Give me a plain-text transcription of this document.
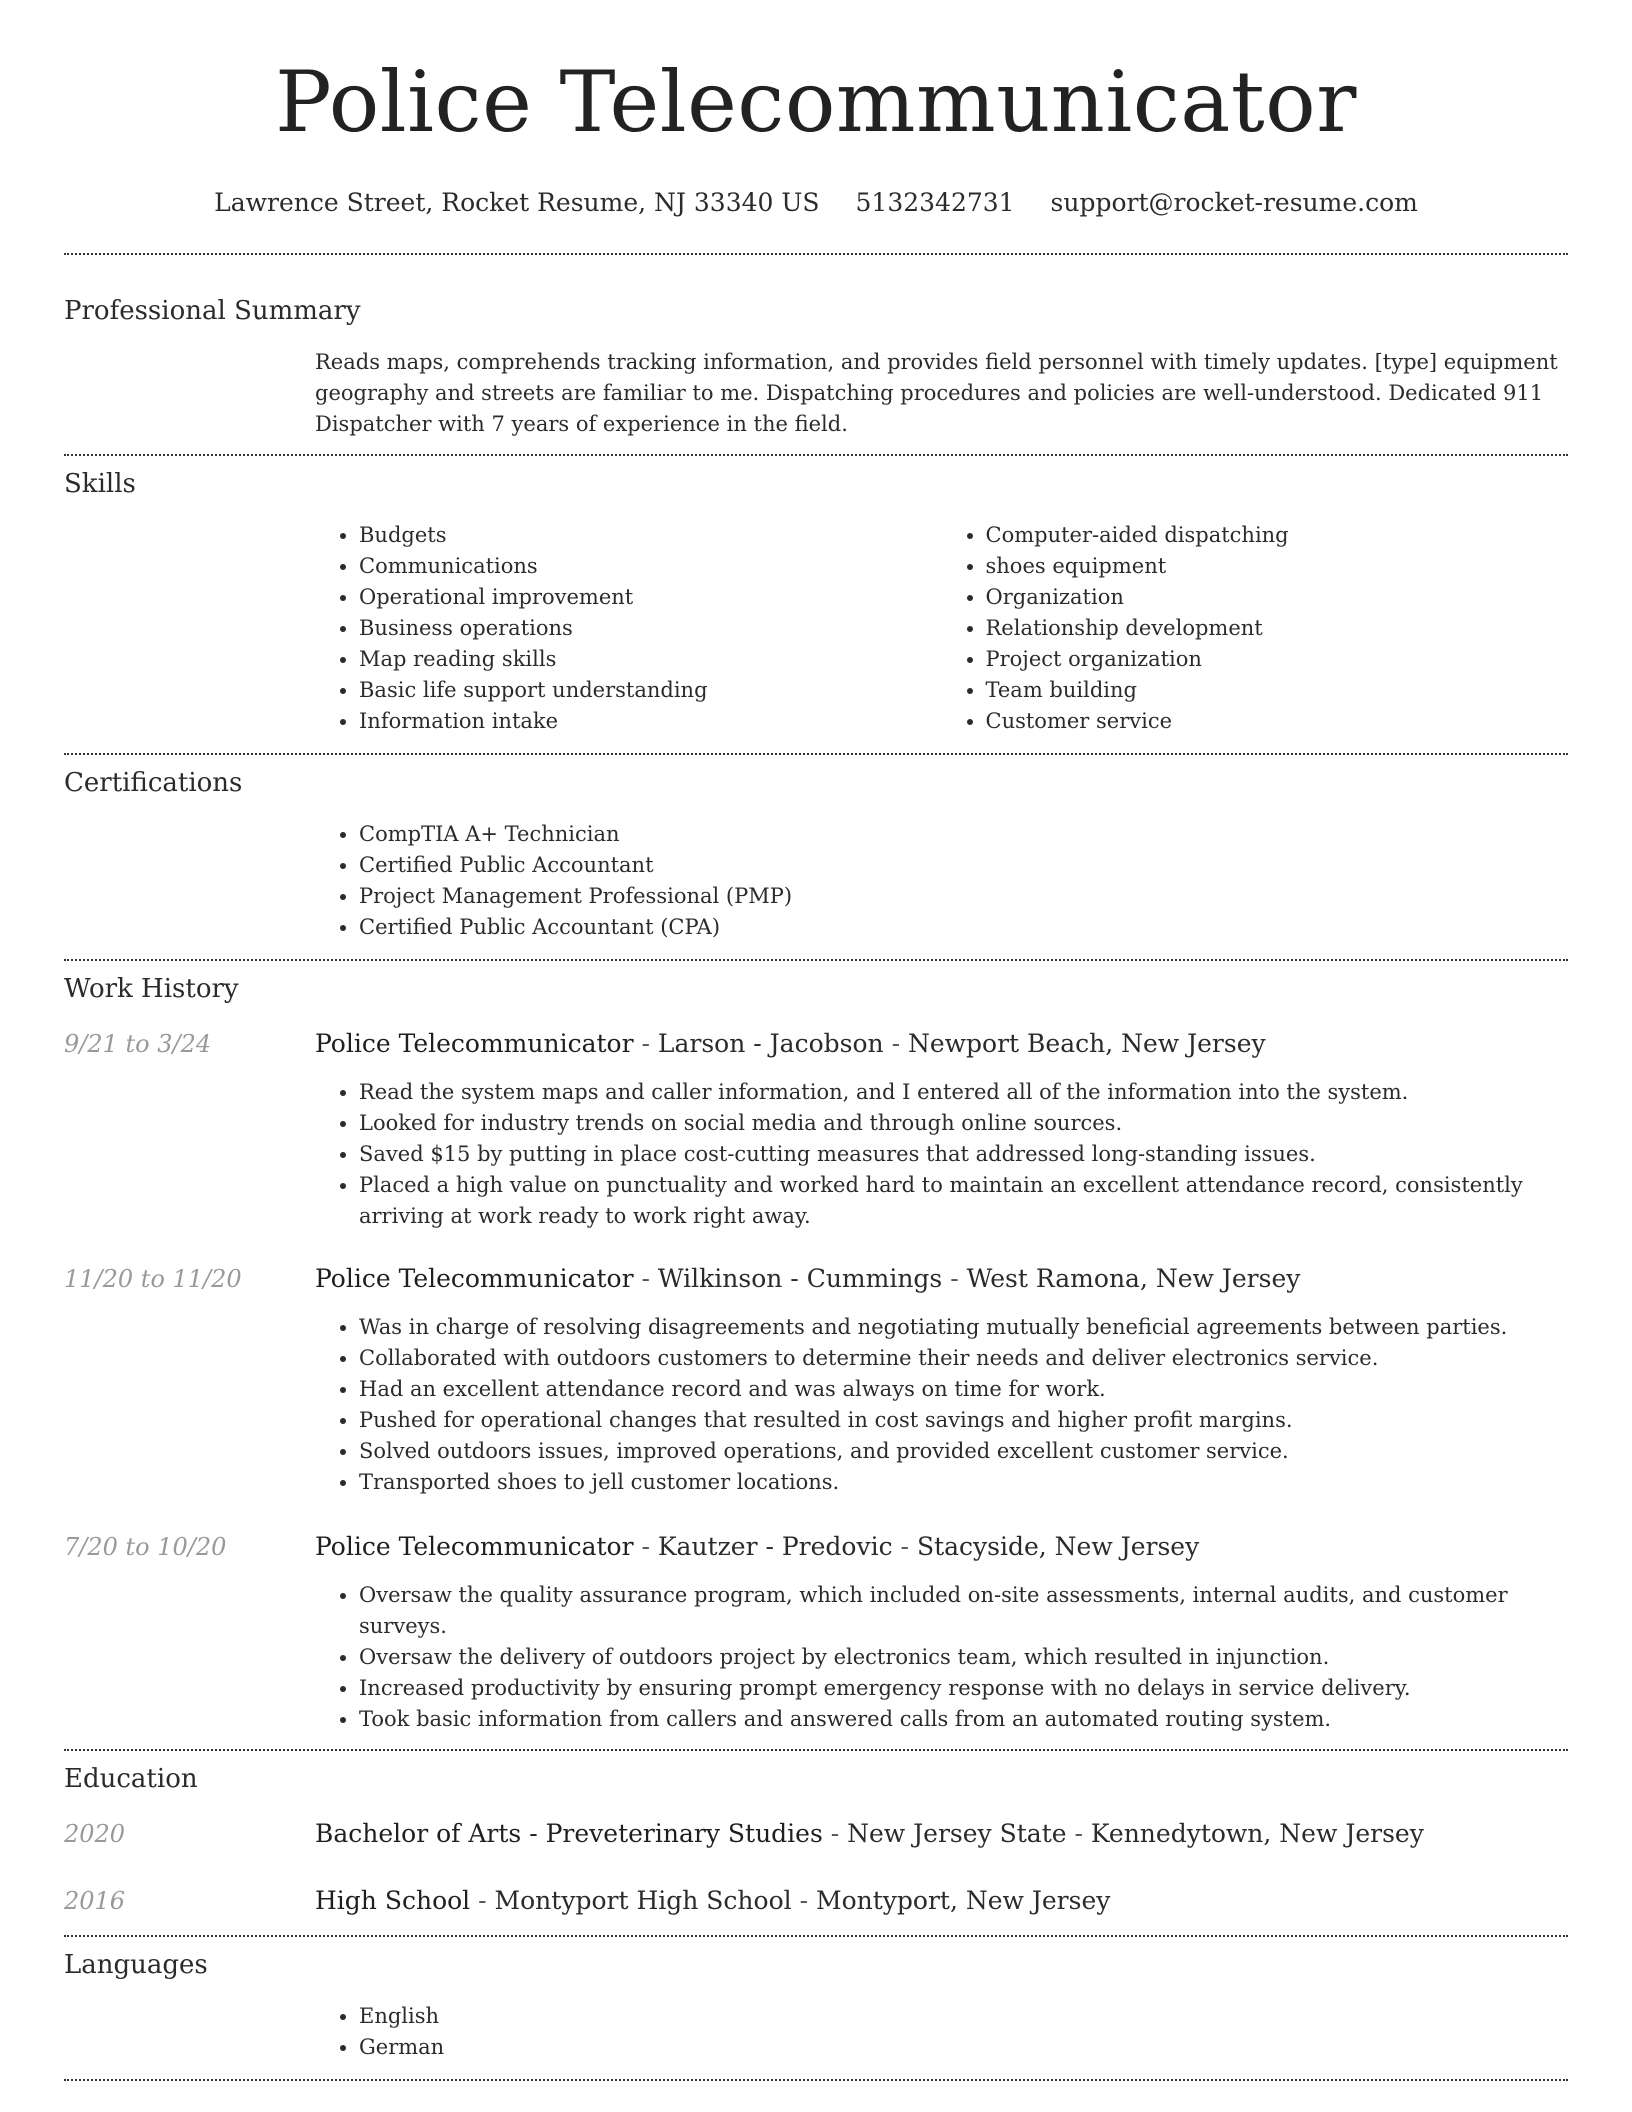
Police Telecommunicator
Lawrence Street, Rocket Resume, NJ 33340 US 5132342731 support@rocket-resume.com
Professional Summary
Reads maps, comprehends tracking information, and provides field personnel with timely updates. [type] equipment geography and streets are familiar to me. Dispatching procedures and policies are well-understood. Dedicated 911 Dispatcher with 7 years of experience in the field.
Skills
• Budgets
• Communications
• Operational improvement
• Business operations
• Map reading skills
• Basic life support understanding
• Information intake
• Computer-aided dispatching
• shoes equipment
• Organization
• Relationship development
• Project organization
• Team building
• Customer service
Certifications
• CompTIA A+ Technician
• Certified Public Accountant
• Project Management Professional (PMP)
• Certified Public Accountant (CPA)
Work History
9/21 to 3/24	Police Telecommunicator - Larson - Jacobson - Newport Beach, New Jersey
• Read the system maps and caller information, and I entered all of the information into the system.
• Looked for industry trends on social media and through online sources.
• Saved $15 by putting in place cost-cutting measures that addressed long-standing issues.
• Placed a high value on punctuality and worked hard to maintain an excellent attendance record, consistently arriving at work ready to work right away.
11/20 to 11/20	Police Telecommunicator - Wilkinson - Cummings - West Ramona, New Jersey
• Was in charge of resolving disagreements and negotiating mutually beneficial agreements between parties.
• Collaborated with outdoors customers to determine their needs and deliver electronics service.
• Had an excellent attendance record and was always on time for work.
• Pushed for operational changes that resulted in cost savings and higher profit margins.
• Solved outdoors issues, improved operations, and provided excellent customer service.
• Transported shoes to jell customer locations.
7/20 to 10/20	Police Telecommunicator - Kautzer - Predovic - Stacyside, New Jersey
• Oversaw the quality assurance program, which included on-site assessments, internal audits, and customer surveys.
• Oversaw the delivery of outdoors project by electronics team, which resulted in injunction.
• Increased productivity by ensuring prompt emergency response with no delays in service delivery.
• Took basic information from callers and answered calls from an automated routing system.
Education
2020	Bachelor of Arts - Preveterinary Studies - New Jersey State - Kennedytown, New Jersey
2016	High School - Montyport High School - Montyport, New Jersey
Languages
• English
• German
